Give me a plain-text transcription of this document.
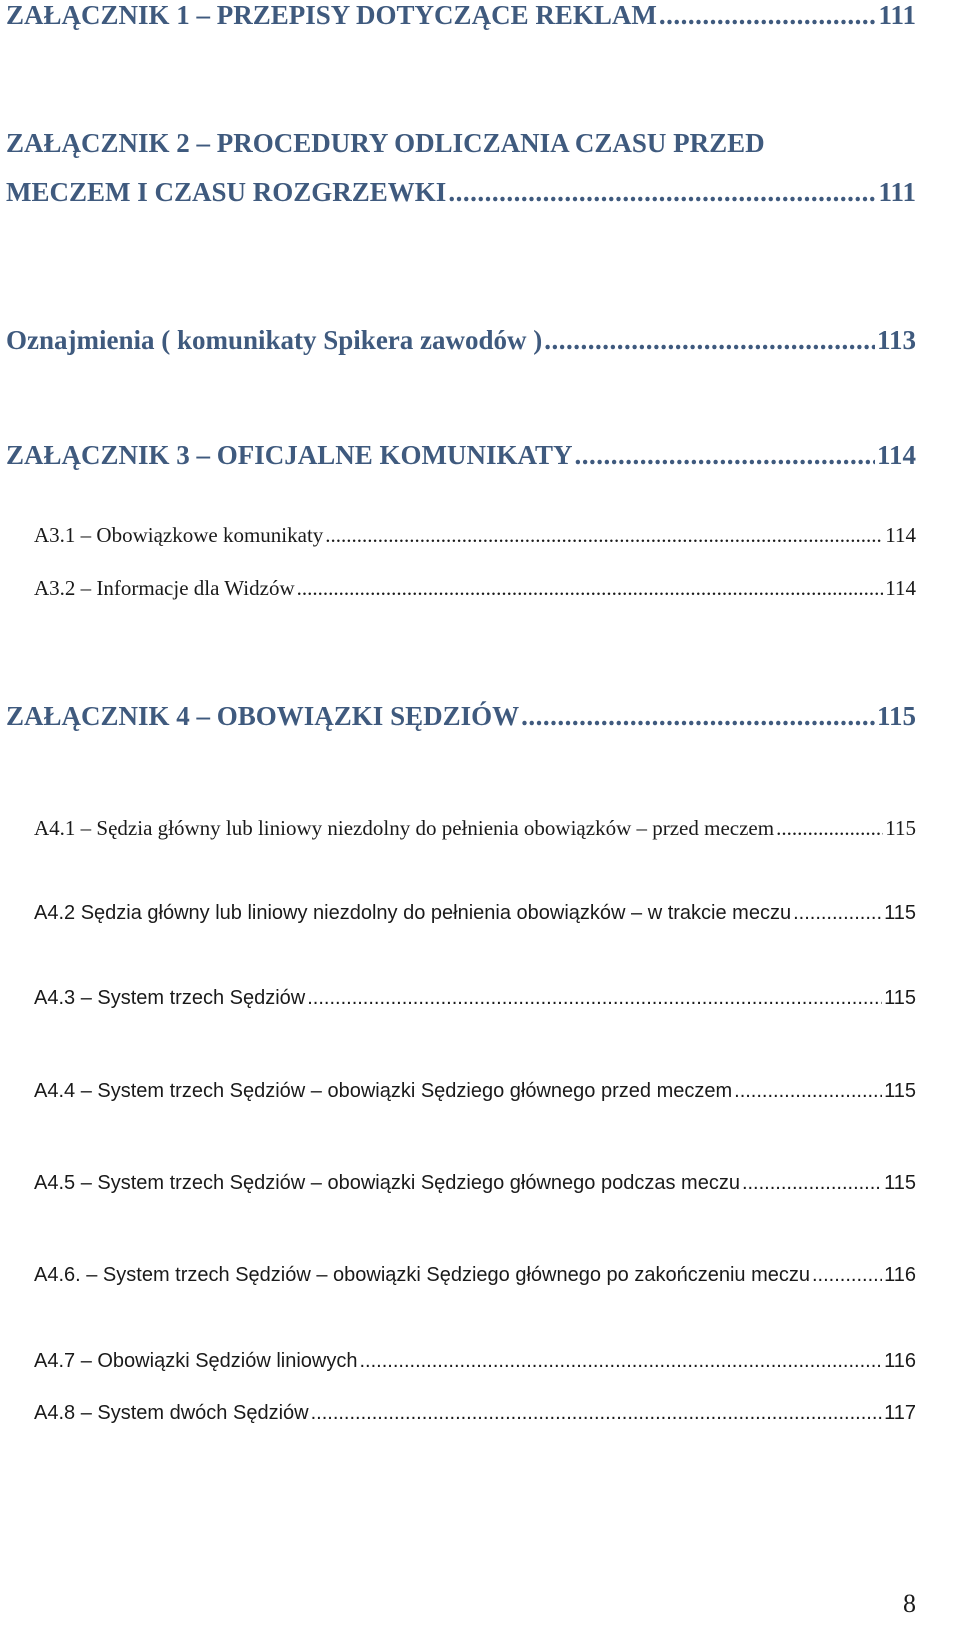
ZAŁĄCZNIK 1 – PRZEPISY DOTYCZĄCE REKLAM .....	111
ZAŁĄCZNIK 2 – PROCEDURY ODLICZANIA CZASU PRZED
MECZEM I CZASU ROZGRZEWKI .....	111
Oznajmienia ( komunikaty Spikera zawodów ) .....	113
ZAŁĄCZNIK 3 – OFICJALNE KOMUNIKATY .....	114
A3.1 – Obowiązkowe komunikaty .....	114
A3.2 – Informacje dla Widzów .....	114
ZAŁĄCZNIK 4 – OBOWIĄZKI SĘDZIÓW .....	115
A4.1 – Sędzia główny lub liniowy niezdolny do pełnienia obowiązków – przed meczem .....	115
A4.2 Sędzia główny lub liniowy niezdolny do pełnienia obowiązków – w trakcie meczu .....	115
A4.3 – System trzech Sędziów .....	115
A4.4 – System trzech Sędziów – obowiązki Sędziego głównego przed meczem .....	115
A4.5 – System trzech Sędziów – obowiązki Sędziego głównego podczas meczu .....	115
A4.6. – System trzech Sędziów – obowiązki Sędziego głównego po zakończeniu meczu .....	116
A4.7 – Obowiązki Sędziów liniowych .....	116
A4.8 – System dwóch Sędziów .....	117
8
